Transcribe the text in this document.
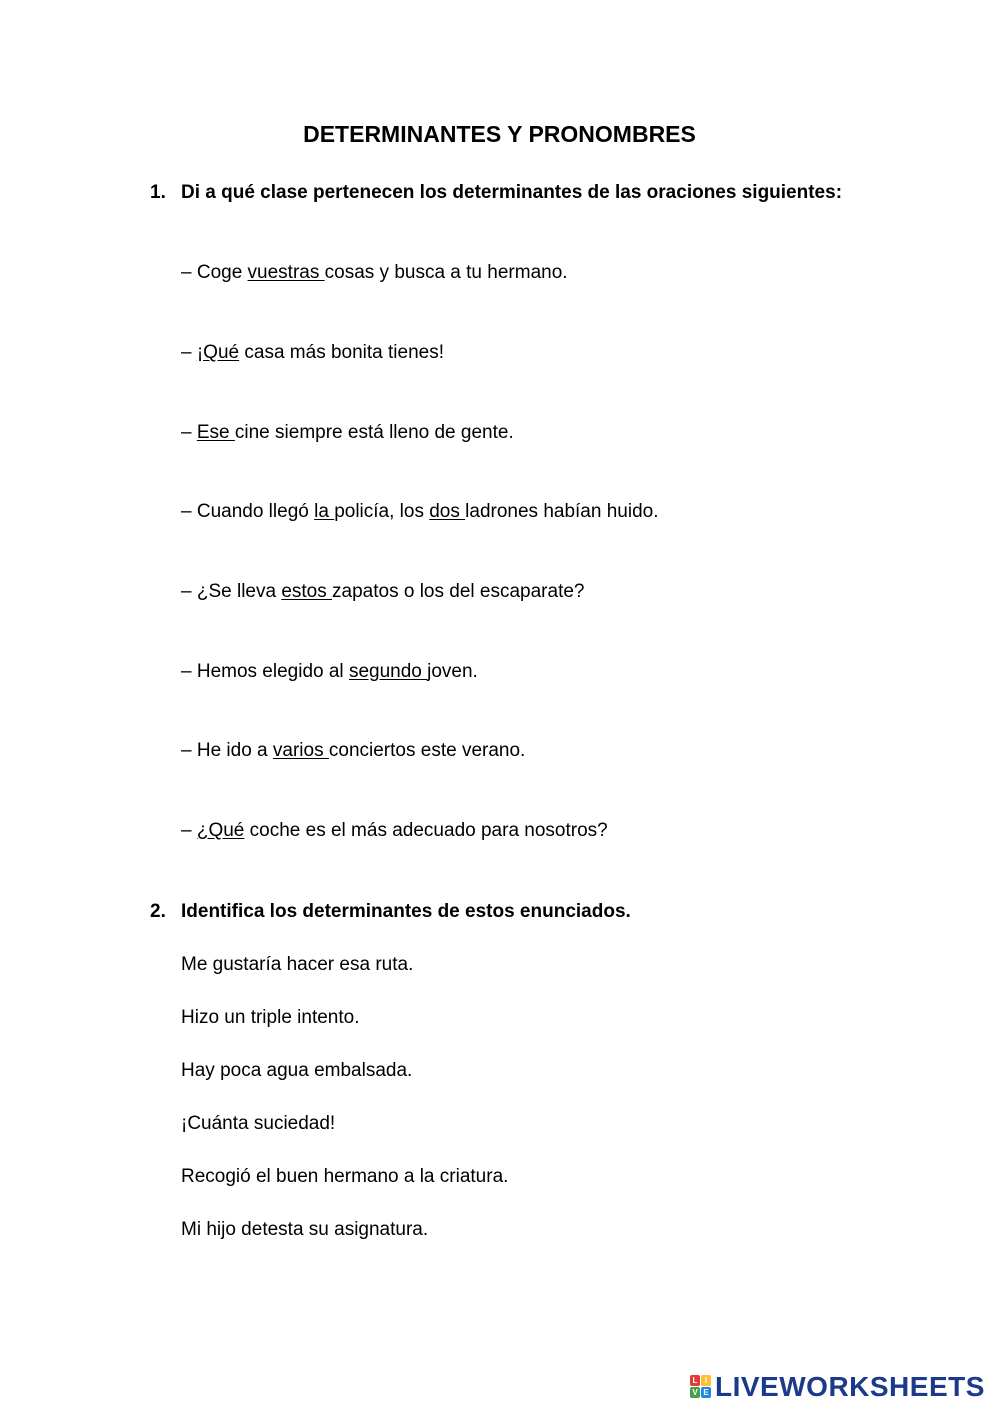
DETERMINANTES Y PRONOMBRES
1. Di a qué clase pertenecen los determinantes de las oraciones siguientes:
– Coge vuestras cosas y busca a tu hermano.
– ¡Qué casa más bonita tienes!
– Ese cine siempre está lleno de gente.
– Cuando llegó la policía, los dos ladrones habían huido.
– ¿Se lleva estos zapatos o los del escaparate?
– Hemos elegido al segundo joven.
– He ido a varios conciertos este verano.
– ¿Qué coche es el más adecuado para nosotros?
2. Identifica los determinantes de estos enunciados.
Me gustaría hacer esa ruta.
Hizo un triple intento.
Hay poca agua embalsada.
¡Cuánta suciedad!
Recogió el buen hermano a la criatura.
Mi hijo detesta su asignatura.
L I
V E LIVEWORKSHEETS
